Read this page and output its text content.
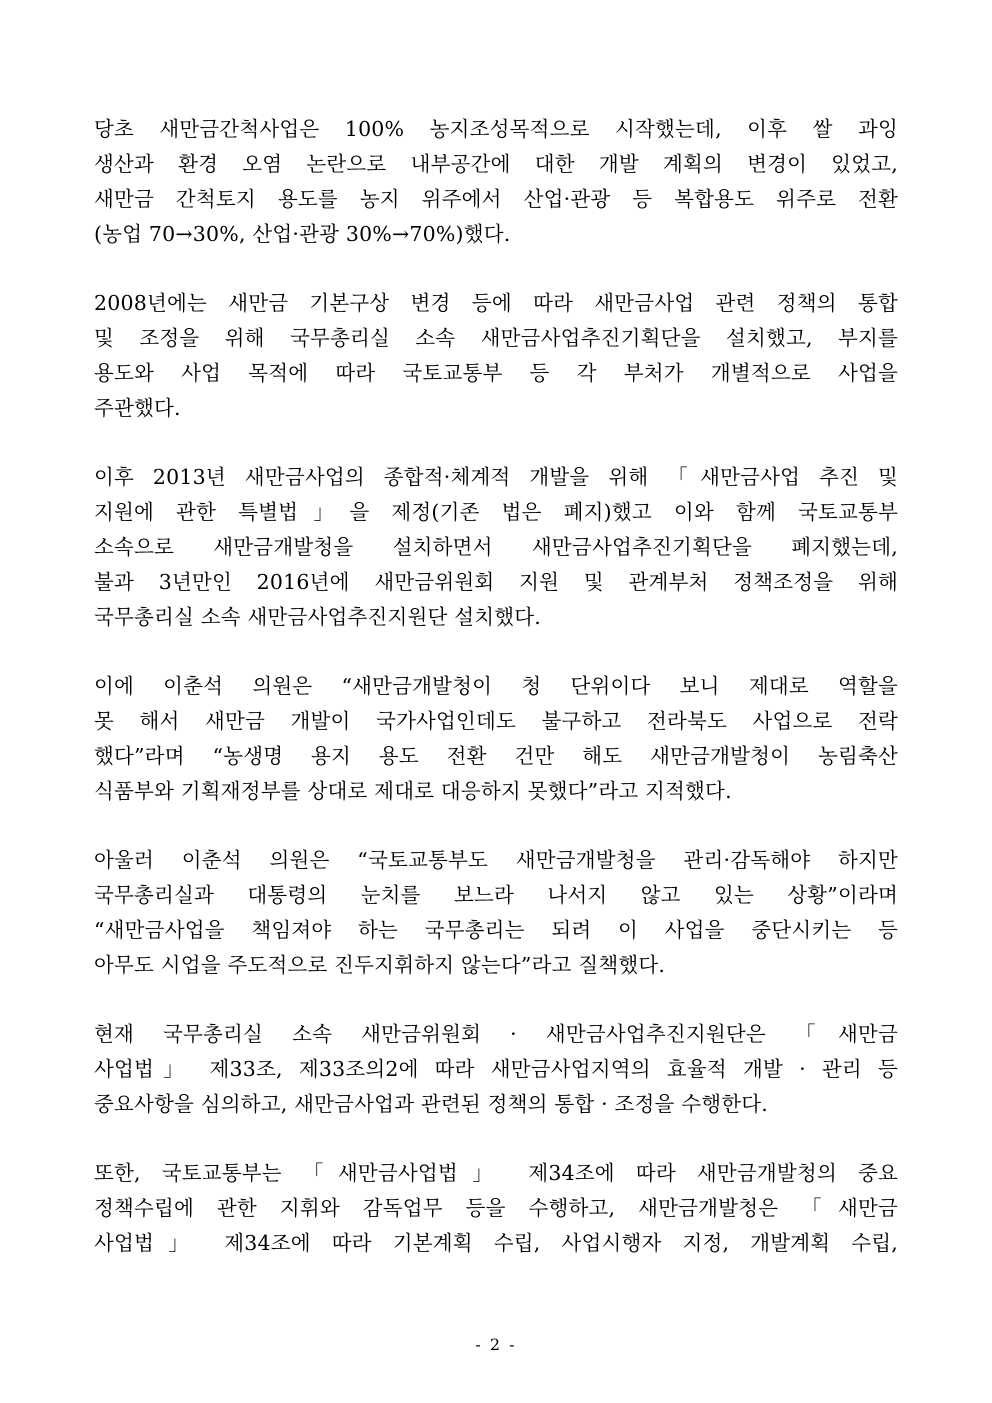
당초 새만금간척사업은 100% 농지조성목적으로 시작했는데, 이후 쌀 과잉
생산과 환경 오염 논란으로 내부공간에 대한 개발 계획의 변경이 있었고,
새만금 간척토지 용도를 농지 위주에서 산업·관광 등 복합용도 위주로 전환
(농업 70→30%, 산업·관광 30%→70%)했다.
2008년에는 새만금 기본구상 변경 등에 따라 새만금사업 관련 정책의 통합
및 조정을 위해 국무총리실 소속 새만금사업추진기획단을 설치했고, 부지를
용도와 사업 목적에 따라 국토교통부 등 각 부처가 개별적으로 사업을
주관했다.
이후 2013년 새만금사업의 종합적·체계적 개발을 위해 「새만금사업 추진 및
지원에 관한 특별법」을 제정(기존 법은 폐지)했고 이와 함께 국토교통부
소속으로 새만금개발청을 설치하면서 새만금사업추진기획단을 폐지했는데,
불과 3년만인 2016년에 새만금위원회 지원 및 관계부처 정책조정을 위해
국무총리실 소속 새만금사업추진지원단 설치했다.
이에 이춘석 의원은 “새만금개발청이 청 단위이다 보니 제대로 역할을
못 해서 새만금 개발이 국가사업인데도 불구하고 전라북도 사업으로 전락
했다”라며 “농생명 용지 용도 전환 건만 해도 새만금개발청이 농림축산
식품부와 기획재정부를 상대로 제대로 대응하지 못했다”라고 지적했다.
아울러 이춘석 의원은 “국토교통부도 새만금개발청을 관리·감독해야 하지만
국무총리실과 대통령의 눈치를 보느라 나서지 않고 있는 상황”이라며
“새만금사업을 책임져야 하는 국무총리는 되려 이 사업을 중단시키는 등
아무도 시업을 주도적으로 진두지휘하지 않는다”라고 질책했다.
현재 국무총리실 소속 새만금위원회 · 새만금사업추진지원단은 「새만금
사업법」 제33조, 제33조의2에 따라 새만금사업지역의 효율적 개발 · 관리 등
중요사항을 심의하고, 새만금사업과 관련된 정책의 통합 · 조정을 수행한다.
또한, 국토교통부는 「새만금사업법」 제34조에 따라 새만금개발청의 중요
정책수립에 관한 지휘와 감독업무 등을 수행하고, 새만금개발청은 「새만금
사업법」 제34조에 따라 기본계획 수립, 사업시행자 지정, 개발계획 수립,
- 2 -
